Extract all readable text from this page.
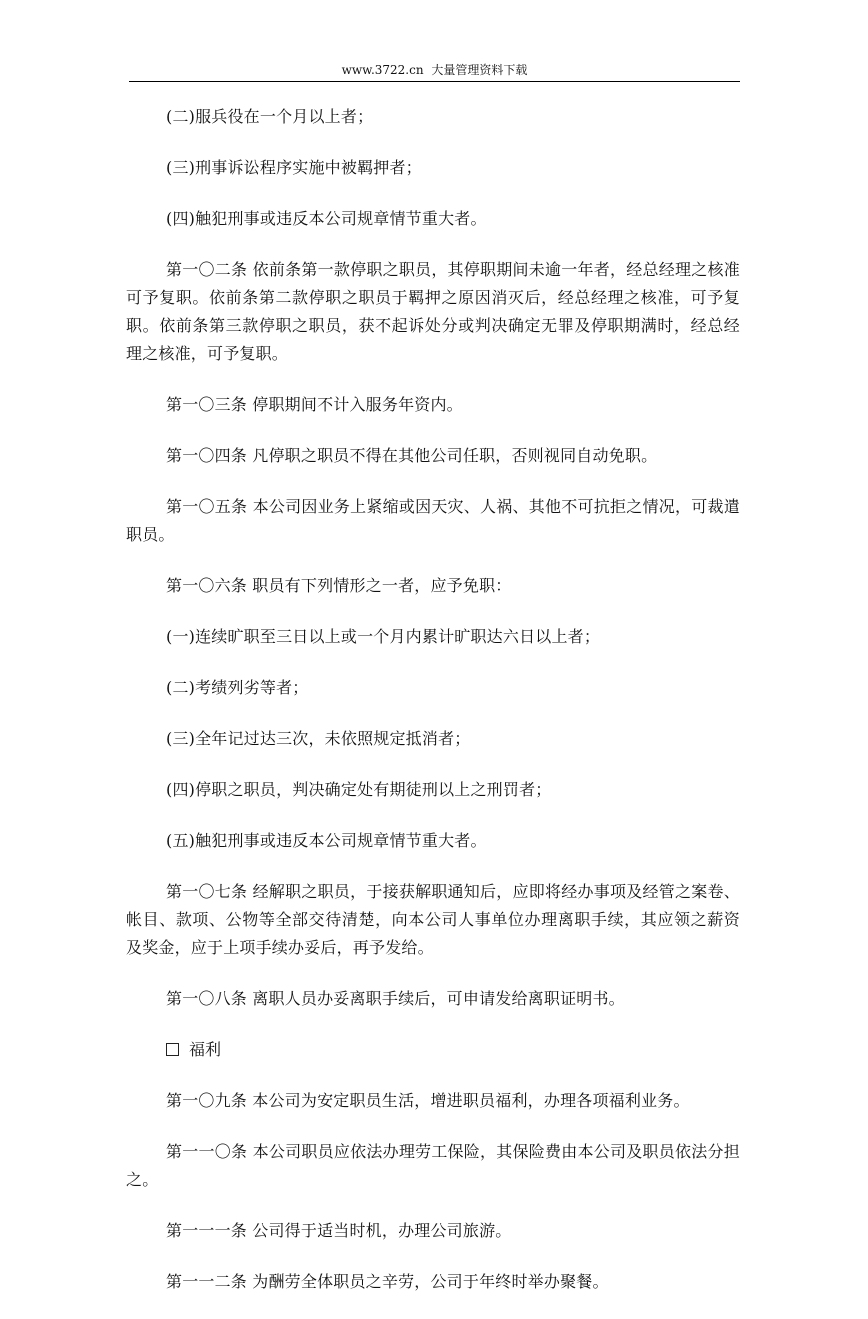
www.3722.cn 大量管理资料下载

(二)服兵役在一个月以上者；

(三)刑事诉讼程序实施中被羁押者；

(四)触犯刑事或违反本公司规章情节重大者。

第一〇二条 依前条第一款停职之职员，其停职期间未逾一年者，经总经理之核准可予复职。依前条第二款停职之职员于羁押之原因消灭后，经总经理之核准，可予复职。依前条第三款停职之职员，获不起诉处分或判决确定无罪及停职期满时，经总经理之核准，可予复职。

第一〇三条 停职期间不计入服务年资内。

第一〇四条 凡停职之职员不得在其他公司任职，否则视同自动免职。

第一〇五条 本公司因业务上紧缩或因天灾、人祸、其他不可抗拒之情况，可裁遣职员。

第一〇六条 职员有下列情形之一者，应予免职：

(一)连续旷职至三日以上或一个月内累计旷职达六日以上者；

(二)考绩列劣等者；

(三)全年记过达三次，未依照规定抵消者；

(四)停职之职员，判决确定处有期徒刑以上之刑罚者；

(五)触犯刑事或违反本公司规章情节重大者。

第一〇七条 经解职之职员，于接获解职通知后，应即将经办事项及经管之案卷、帐目、款项、公物等全部交待清楚，向本公司人事单位办理离职手续，其应领之薪资及奖金，应于上项手续办妥后，再予发给。

第一〇八条 离职人员办妥离职手续后，可申请发给离职证明书。

福利

第一〇九条 本公司为安定职员生活，增进职员福利，办理各项福利业务。

第一一〇条 本公司职员应依法办理劳工保险，其保险费由本公司及职员依法分担之。

第一一一条 公司得于适当时机，办理公司旅游。

第一一二条 为酬劳全体职员之辛劳，公司于年终时举办聚餐。
